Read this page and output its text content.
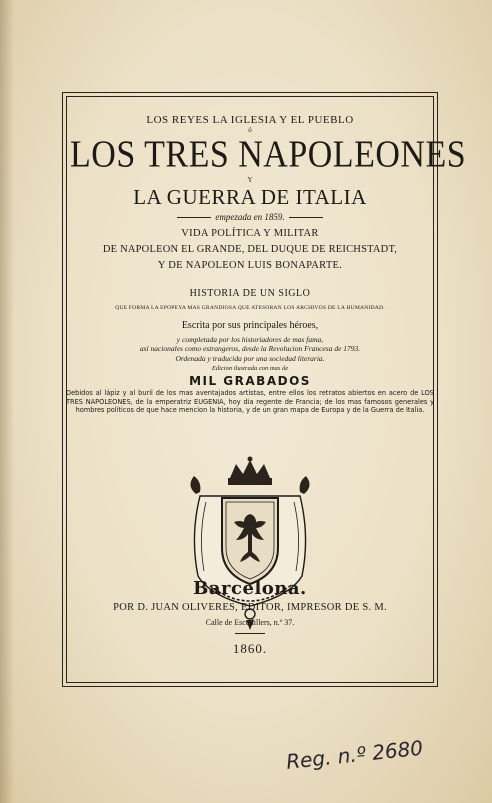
LOS REYES LA IGLESIA Y EL PUEBLO
ó
LOS TRES NAPOLEONES
Y
LA GUERRA DE ITALIA
empezada en 1859.
VIDA POLÍTICA Y MILITAR
DE NAPOLEON EL GRANDE, DEL DUQUE DE REICHSTADT,
Y DE NAPOLEON LUIS BONAPARTE.
HISTORIA DE UN SIGLO
QUE FORMA LA EPOPEYA MAS GRANDIOSA QUE ATESORAN LOS ARCHIVOS DE LA HUMANIDAD.
Escrita por sus principales héroes,
y completada por los historiadores de mas fama,
así nacionales como estrangeros, desde la Revolucion Francesa de 1793.
Ordenada y traducida por una sociedad literaria.
Edicion ilustrada con mas de
MIL GRABADOS
Debidos al lápiz y al buril de los mas aventajados artistas, entre ellos los retratos abiertos en acero de LOS TRES NAPOLEONES, de la emperatriz EUGENIA, hoy dia regente de Francia; de los mas famosos generales y hombres políticos de que hace mencion la historia, y de un gran mapa de Europa y de la Guerra de Italia.
Barcelona.
POR D. JUAN OLIVERES, EDITOR, IMPRESOR DE S. M.
Calle de Escudillers, n.º 37.
1860.
Reg. n.º 2680
